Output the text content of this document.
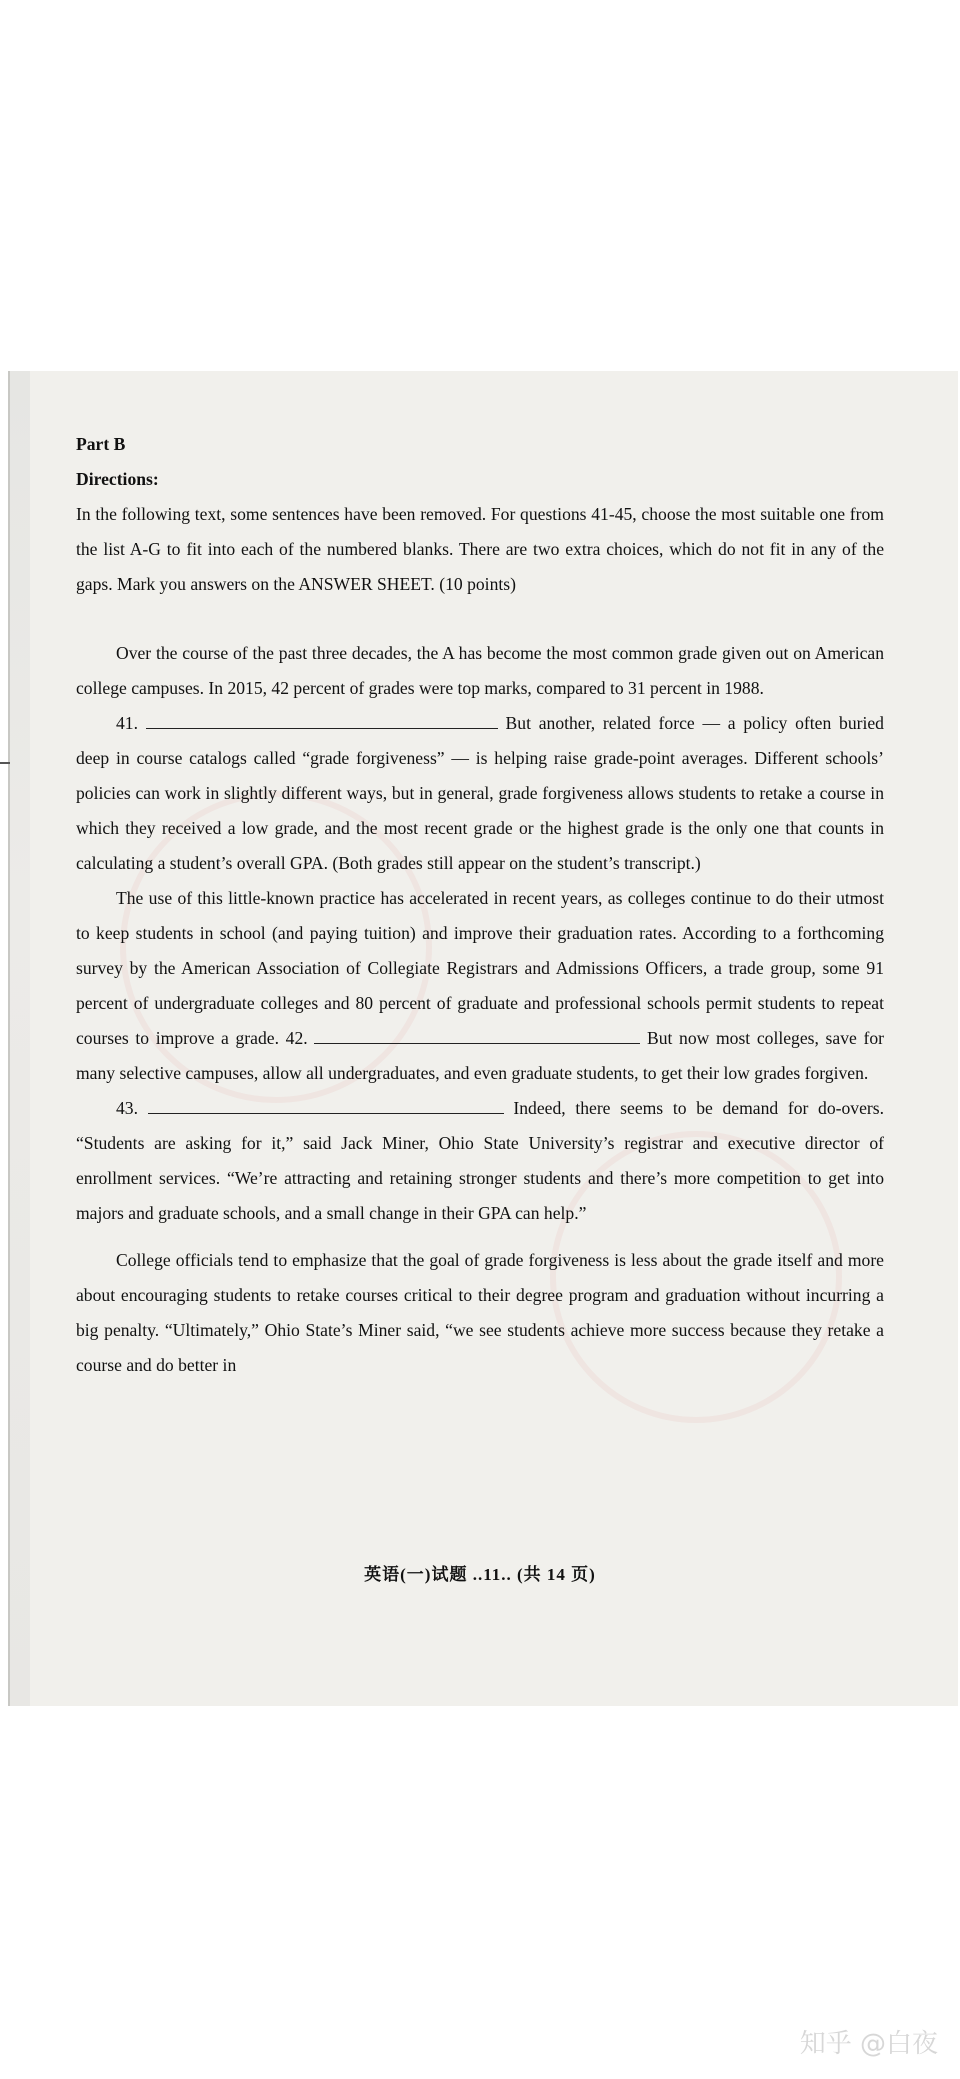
Part B
Directions:

In the following text, some sentences have been removed. For questions 41-45, choose the most suitable one from the list A-G to fit into each of the numbered blanks. There are two extra choices, which do not fit in any of the gaps. Mark you answers on the ANSWER SHEET. (10 points)

Over the course of the past three decades, the A has become the most common grade given out on American college campuses. In 2015, 42 percent of grades were top marks, compared to 31 percent in 1988.

41.	But another, related force — a policy often buried deep in course catalogs called “grade forgiveness” — is helping raise grade-point averages. Different schools’ policies can work in slightly different ways, but in general, grade forgiveness allows students to retake a course in which they received a low grade, and the most recent grade or the highest grade is the only one that counts in calculating a student’s overall GPA. (Both grades still appear on the student’s transcript.)

The use of this little-known practice has accelerated in recent years, as colleges continue to do their utmost to keep students in school (and paying tuition) and improve their graduation rates. According to a forthcoming survey by the American Association of Collegiate Registrars and Admissions Officers, a trade group, some 91 percent of undergraduate colleges and 80 percent of graduate and professional schools permit students to repeat courses to improve a grade. 42.	But now most colleges, save for many selective campuses, allow all undergraduates, and even graduate students, to get their low grades forgiven.

43.	Indeed, there seems to be demand for do-overs. “Students are asking for it,” said Jack Miner, Ohio State University’s registrar and executive director of enrollment services. “We’re attracting and retaining stronger students and there’s more competition to get into majors and graduate schools, and a small change in their GPA can help.”

College officials tend to emphasize that the goal of grade forgiveness is less about the grade itself and more about encouraging students to retake courses critical to their degree program and graduation without incurring a big penalty. “Ultimately,” Ohio State’s Miner said, “we see students achieve more success because they retake a course and do better in

英语(一)试题 ..11.. (共 14 页)
知乎 @白夜
